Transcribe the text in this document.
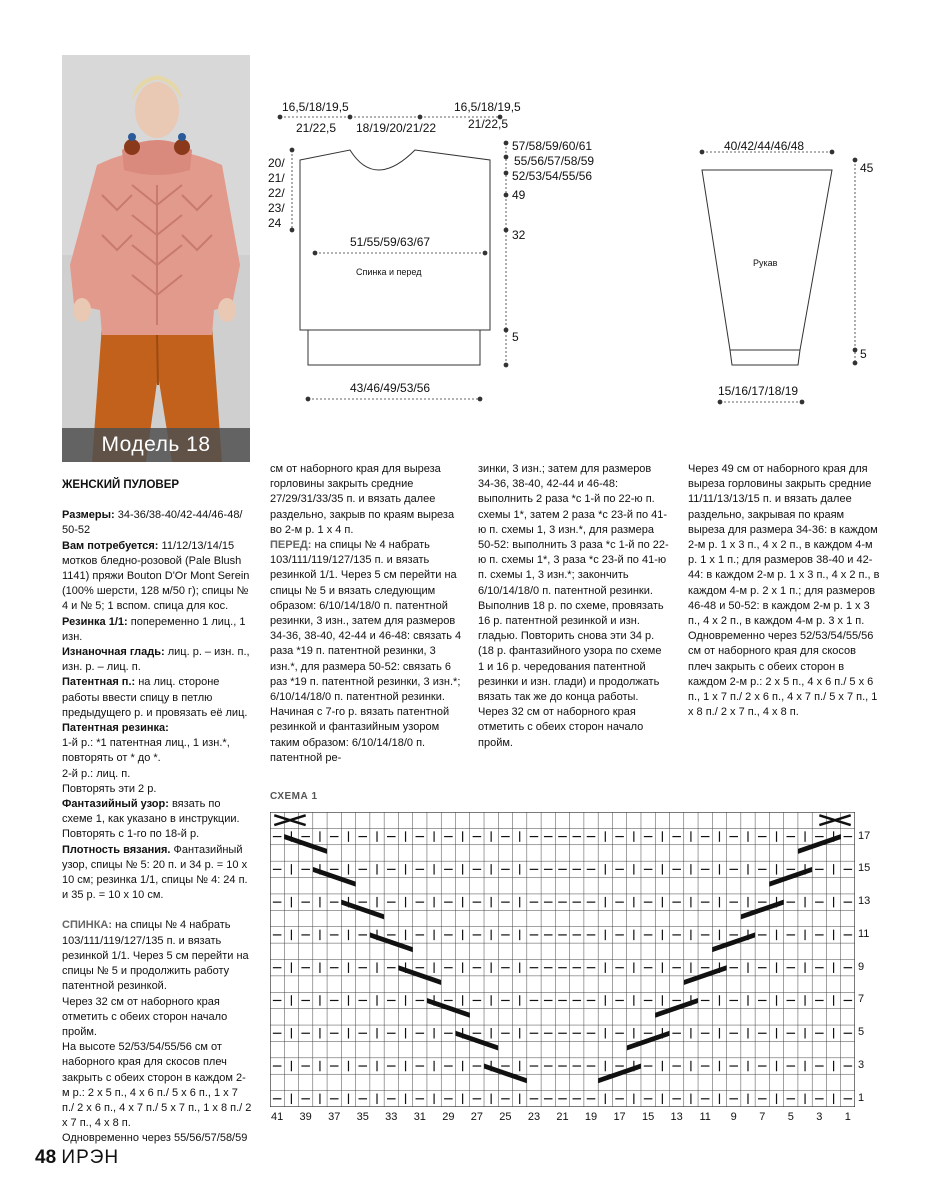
Модель 18
16,5/18/19,5
21/22,5 18/19/20/21/22
16,5/18/19,5
21/22,5
20/
21/
22/
23/
24
57/58/59/60/61
55/56/57/58/59
52/53/54/55/56
49
32
5
51/55/59/63/67
Спинка и перед
43/46/49/53/56
40/42/44/46/48
45
Рукав
5
15/16/17/18/19

ЖЕНСКИЙ ПУЛОВЕР

Размеры: 34-36/38-40/42-44/46-48/ 50-52

Вам потребуется: 11/12/13/14/15 мотков бледно-розовой (Pale Blush 1141) пряжи Bouton D'Or Mont Serein (100% шерсти, 128 м/50 г); спицы № 4 и № 5; 1 вспом. спица для кос.

Резинка 1/1: попеременно 1 лиц., 1 изн.

Изнаночная гладь: лиц. р. – изн. п., изн. р. – лиц. п.

Патентная п.: на лиц. стороне работы ввести спицу в петлю предыдущего р. и провязать её лиц.

Патентная резинка:

1-й р.: *1 патентная лиц., 1 изн.*, повторять от * до *.

2-й р.: лиц. п.

Повторять эти 2 р.

Фантазийный узор: вязать по схеме 1, как указано в инструкции. Повторять с 1-го по 18-й р.

Плотность вязания. Фантазийный узор, спицы № 5: 20 п. и 34 р. = 10 х 10 см; резинка 1/1, спицы № 4: 24 п. и 35 р. = 10 х 10 см.

СПИНКА: на спицы № 4 набрать 103/111/119/127/135 п. и вязать резинкой 1/1. Через 5 см перейти на спицы № 5 и продолжить работу патентной резинкой.

Через 32 см от наборного края отметить с обеих сторон начало пройм.

На высоте 52/53/54/55/56 см от наборного края для скосов плеч закрыть с обеих сторон в каждом 2-м р.: 2 х 5 п., 4 х 6 п./ 5 х 6 п., 1 х 7 п./ 2 х 6 п., 4 х 7 п./ 5 х 7 п., 1 х 8 п./ 2 х 7 п., 4 х 8 п.

Одновременно через 55/56/57/58/59

см от наборного края для выреза горловины закрыть средние 27/29/31/33/35 п. и вязать далее раздельно, закрыв по краям выреза во 2-м р. 1 х 4 п.

ПЕРЕД: на спицы № 4 набрать 103/111/119/127/135 п. и вязать резинкой 1/1. Через 5 см перейти на спицы № 5 и вязать следующим образом: 6/10/14/18/0 п. патентной резинки, 3 изн., затем для размеров 34-36, 38-40, 42-44 и 46-48: связать 4 раза *19 п. патентной резинки, 3 изн.*, для размера 50-52: связать 6 раз *19 п. патентной резинки, 3 изн.*; 6/10/14/18/0 п. патентной резинки.

Начиная с 7-го р. вязать патентной резинкой и фантазийным узором таким образом: 6/10/14/18/0 п. патентной ре-

зинки, 3 изн.; затем для размеров 34-36, 38-40, 42-44 и 46-48: выполнить 2 раза *с 1-й по 22-ю п. схемы 1*, затем 2 раза *с 23-й по 41-ю п. схемы 1, 3 изн.*, для размера 50-52: выполнить 3 раза *с 1-й по 22-ю п. схемы 1*, 3 раза *с 23-й по 41-ю п. схемы 1, 3 изн.*; закончить 6/10/14/18/0 п. патентной резинки.

Выполнив 18 р. по схеме, провязать 16 р. патентной резинкой и изн. гладью. Повторить снова эти 34 р. (18 р. фантазийного узора по схеме 1 и 16 р. чередования патентной резинки и изн. глади) и продолжать вязать так же до конца работы.

Через 32 см от наборного края отметить с обеих сторон начало пройм.

Через 49 см от наборного края для выреза горловины закрыть средние 11/11/13/13/15 п. и вязать далее раздельно, закрывая по краям выреза для размера 34-36: в каждом 2-м р. 1 х 3 п., 4 х 2 п., в каждом 4-м р. 1 х 1 п.; для размеров 38-40 и 42-44: в каждом 2-м р. 1 х 3 п., 4 х 2 п., в каждом 4-м р. 2 х 1 п.; для размеров 46-48 и 50-52: в каждом 2-м р. 1 х 3 п., 4 х 2 п., в каждом 4-м р. 3 х 1 п.

Одновременно через 52/53/54/55/56 см от наборного края для скосов плеч закрыть с обеих сторон в каждом 2-м р.: 2 х 5 п., 4 х 6 п./ 5 х 6 п., 1 х 7 п./ 2 х 6 п., 4 х 7 п./ 5 х 7 п., 1 х 8 п./ 2 х 7 п., 4 х 8 п.

СХЕМА 1
17
15
13
11
9
7
5
3
1
41	39	37	35	33	31	29	27	25	23	21	19	17	15	13	11	9	7	5	3	1
48 ИРЭН
